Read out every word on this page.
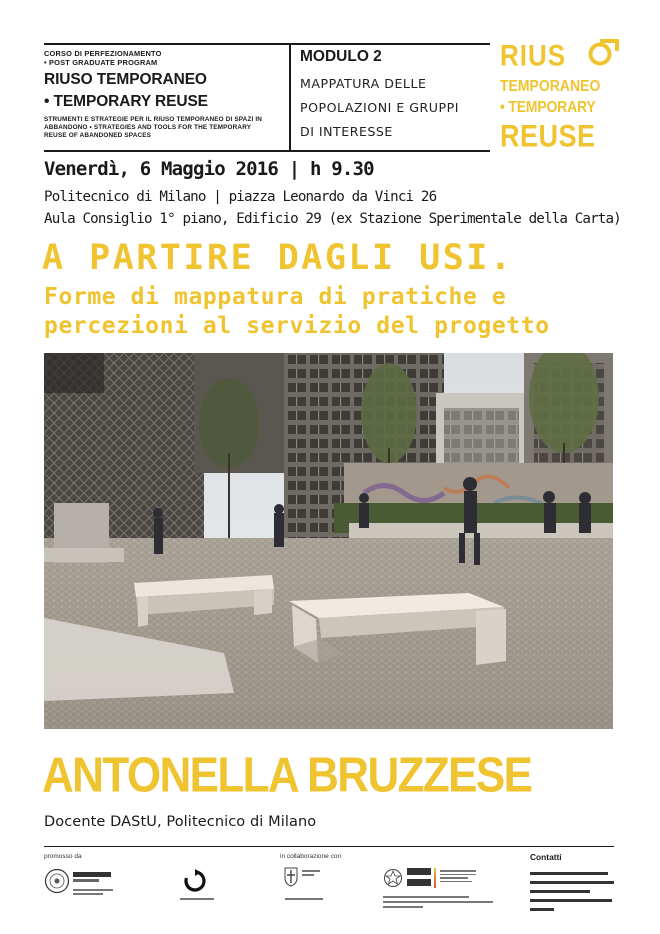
CORSO DI PERFEZIONAMENTO
• POST GRADUATE PROGRAM
RIUSO TEMPORANEO
• TEMPORARY REUSE
STRUMENTI E STRATEGIE PER IL RIUSO TEMPORANEO DI SPAZI IN
ABBANDONO • STRATEGIES AND TOOLS FOR THE TEMPORARY
REUSE OF ABANDONED SPACES
MODULO 2
MAPPATURA DELLE
POPOLAZIONI E GRUPPI
DI INTERESSE
RIUS
TEMPORANEO
• TEMPORARY
REUSE
Venerdì, 6 Maggio 2016 | h 9.30
Politecnico di Milano | piazza Leonardo da Vinci 26
Aula Consiglio 1° piano, Edificio 29 (ex Stazione Sperimentale della Carta)
A PARTIRE DAGLI USI.
Forme di mappatura di pratiche e
percezioni al servizio del progetto
ANTONELLA BRUZZESE
Docente DAStU, Politecnico di Milano
promosso da	in collaborazione con	Contatti
